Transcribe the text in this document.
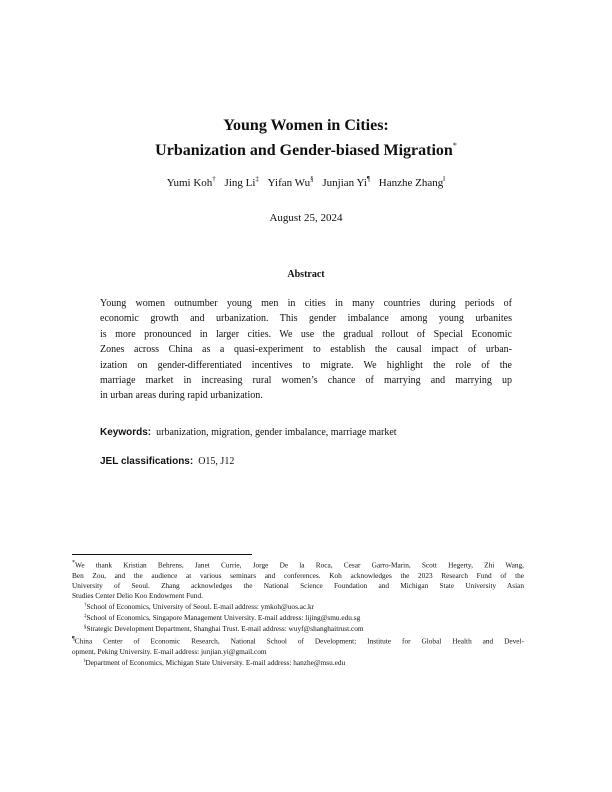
Young Women in Cities:
Urbanization and Gender-biased Migration*
Yumi Koh† Jing Li‡ Yifan Wu§ Junjian Yi¶ Hanzhe Zhang‖
August 25, 2024
Abstract
Young women outnumber young men in cities in many countries during periods of
economic growth and urbanization. This gender imbalance among young urbanites
is more pronounced in larger cities. We use the gradual rollout of Special Economic
Zones across China as a quasi-experiment to establish the causal impact of urban-
ization on gender-differentiated incentives to migrate. We highlight the role of the
marriage market in increasing rural women’s chance of marrying and marrying up
in urban areas during rapid urbanization.
Keywords: urbanization, migration, gender imbalance, marriage market
JEL classifications: O15, J12
*We thank Kristian Behrens, Janet Currie, Jorge De la Roca, Cesar Garro-Marin, Scott Hegerty, Zhi Wang,
Ben Zou, and the audience at various seminars and conferences. Koh acknowledges the 2023 Research Fund of the
University of Seoul. Zhang acknowledges the National Science Foundation and Michigan State University Asian
Studies Center Delio Koo Endowment Fund.
†School of Economics, University of Seoul. E-mail address: ymkoh@uos.ac.kr
‡School of Economics, Singapore Management University. E-mail address: lijing@smu.edu.sg
§Strategic Development Department, Shanghai Trust. E-mail address: wuyf@shanghaitrust.com
¶China Center of Economic Research, National School of Development; Institute for Global Health and Devel-
opment, Peking University. E-mail address: junjian.yi@gmail.com
‖Department of Economics, Michigan State University. E-mail address: hanzhe@msu.edu
